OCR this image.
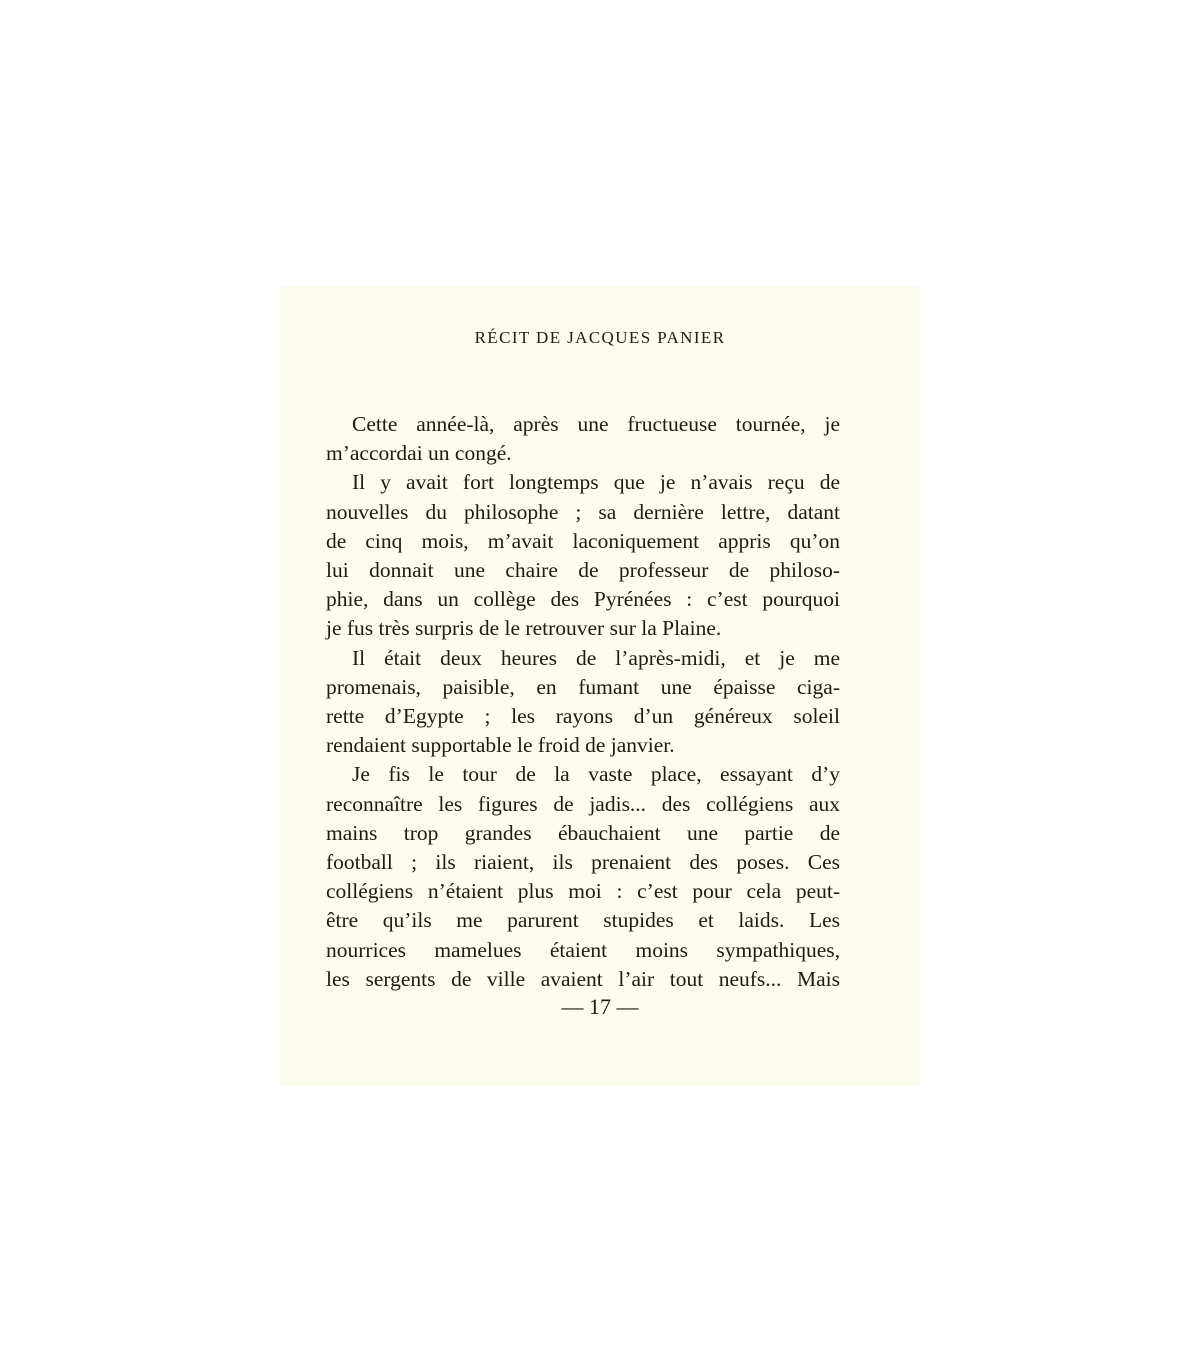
RÉCIT DE JACQUES PANIER
Cette année-là, après une fructueuse tournée, je
m’accordai un congé.
Il y avait fort longtemps que je n’avais reçu de
nouvelles du philosophe ; sa dernière lettre, datant
de cinq mois, m’avait laconiquement appris qu’on
lui donnait une chaire de professeur de philoso-
phie, dans un collège des Pyrénées : c’est pourquoi
je fus très surpris de le retrouver sur la Plaine.
Il était deux heures de l’après-midi, et je me
promenais, paisible, en fumant une épaisse ciga-
rette d’Egypte ; les rayons d’un généreux soleil
rendaient supportable le froid de janvier.
Je fis le tour de la vaste place, essayant d’y
reconnaître les figures de jadis... des collégiens aux
mains trop grandes ébauchaient une partie de
football ; ils riaient, ils prenaient des poses. Ces
collégiens n’étaient plus moi : c’est pour cela peut-
être qu’ils me parurent stupides et laids. Les
nourrices mamelues étaient moins sympathiques,
les sergents de ville avaient l’air tout neufs... Mais
— 17 —
